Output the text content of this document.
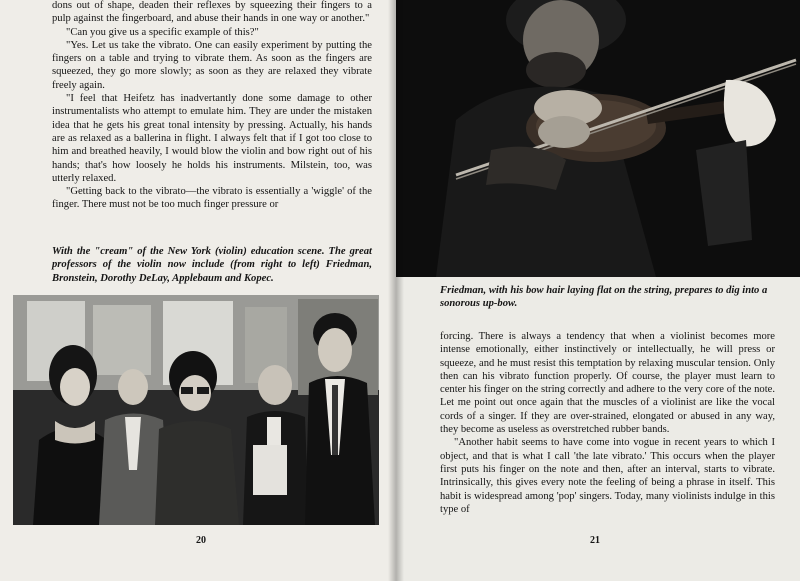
dons out of shape, deaden their reflexes by squeezing their fingers to a pulp against the fingerboard, and abuse their hands in one way or another."

"Can you give us a specific example of this?"

"Yes. Let us take the vibrato. One can easily experiment by putting the fingers on a table and trying to vibrate them. As soon as the fingers are squeezed, they go more slowly; as soon as they are relaxed they vibrate freely again.

"I feel that Heifetz has inadvertantly done some damage to other instrumentalists who attempt to emulate him. They are under the mistaken idea that he gets his great tonal intensity by pressing. Actually, his hands are as relaxed as a ballerina in flight. I always felt that if I got too close to him and breathed heavily, I would blow the violin and bow right out of his hands; that's how loosely he holds his instruments. Milstein, too, was utterly relaxed.

"Getting back to the vibrato—the vibrato is essentially a 'wiggle' of the finger. There must not be too much finger pressure or

With the "cream" of the New York (violin) education scene. The great professors of the violin now include (from right to left) Friedman, Bronstein, Dorothy DeLay, Applebaum and Kopec.
20
Friedman, with his bow hair laying flat on the string, prepares to dig into a sonorous up-bow.

forcing. There is always a tendency that when a violinist becomes more intense emotionally, either instinctively or intellectually, he will press or squeeze, and he must resist this temptation by relaxing muscular tension. Only then can his vibrato function properly. Of course, the player must learn to center his finger on the string correctly and adhere to the very core of the note. Let me point out once again that the muscles of a violinist are like the vocal cords of a singer. If they are over-strained, elongated or abused in any way, they become as useless as overstretched rubber bands.

"Another habit seems to have come into vogue in recent years to which I object, and that is what I call 'the late vibrato.' This occurs when the player first puts his finger on the note and then, after an interval, starts to vibrate. Intrinsically, this gives every note the feeling of being a phrase in itself. This habit is widespread among 'pop' singers. Today, many violinists indulge in this type of

21
